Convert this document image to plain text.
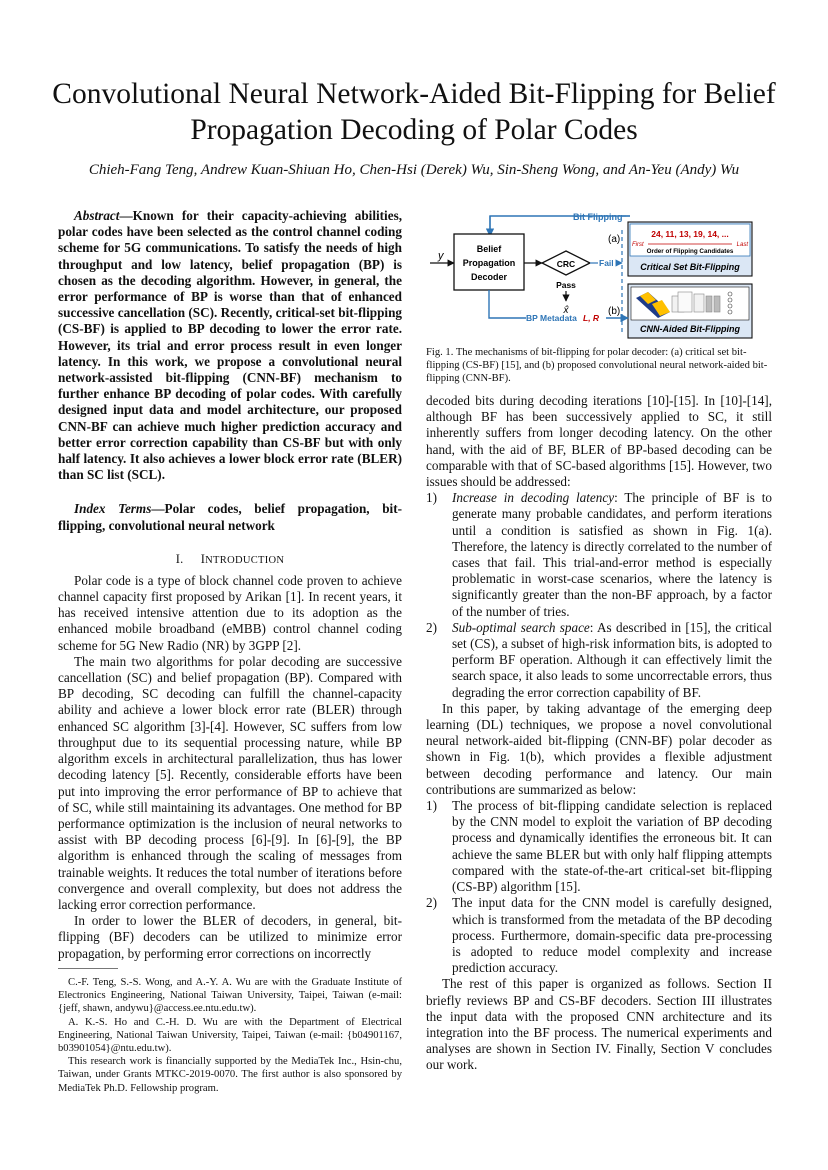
Convolutional Neural Network-Aided Bit-Flipping for Belief Propagation Decoding of Polar Codes
Chieh-Fang Teng, Andrew Kuan-Shiuan Ho, Chen-Hsi (Derek) Wu, Sin-Sheng Wong, and An-Yeu (Andy) Wu

Abstract—Known for their capacity-achieving abilities, polar codes have been selected as the control channel coding scheme for 5G communications. To satisfy the needs of high throughput and low latency, belief propagation (BP) is chosen as the decoding algorithm. However, in general, the error performance of BP is worse than that of enhanced successive cancellation (SC). Recently, critical-set bit-flipping (CS-BF) is applied to BP decoding to lower the error rate. However, its trial and error process result in even longer latency. In this work, we propose a convolutional neural network-assisted bit-flipping (CNN-BF) mechanism to further enhance BP decoding of polar codes. With carefully designed input data and model architecture, our proposed CNN-BF can achieve much higher prediction accuracy and better error correction capability than CS-BF but with only half latency. It also achieves a lower block error rate (BLER) than SC list (SCL).

Index Terms—Polar codes, belief propagation, bit-flipping, convolutional neural network

I. INTRODUCTION

Polar code is a type of block channel code proven to achieve channel capacity first proposed by Arikan [1]. In recent years, it has received intensive attention due to its adoption as the enhanced mobile broadband (eMBB) control channel coding scheme for 5G New Radio (NR) by 3GPP [2].

The main two algorithms for polar decoding are successive cancellation (SC) and belief propagation (BP). Compared with BP decoding, SC decoding can fulfill the channel-capacity ability and achieve a lower block error rate (BLER) through enhanced SC algorithm [3]-[4]. However, SC suffers from low throughput due to its sequential processing nature, while BP algorithm excels in architectural parallelization, thus has lower decoding latency [5]. Recently, considerable efforts have been put into improving the error performance of BP to achieve that of SC, while still maintaining its advantages. One method for BP performance optimization is the inclusion of neural networks to assist with BP decoding process [6]-[9]. In [6]-[9], the BP algorithm is enhanced through the scaling of messages from trainable weights. It reduces the total number of iterations before convergence and overall complexity, but does not address the lacking error correction performance.

In order to lower the BLER of decoders, in general, bit-flipping (BF) decoders can be utilized to minimize error propagation, by performing error corrections on incorrectly

C.-F. Teng, S.-S. Wong, and A.-Y. A. Wu are with the Graduate Institute of Electronics Engineering, National Taiwan University, Taipei, Taiwan (e-mail: {jeff, shawn, andywu}@access.ee.ntu.edu.tw).

A. K.-S. Ho and C.-H. D. Wu are with the Department of Electrical Engineering, National Taiwan University, Taipei, Taiwan (e-mail: {b04901167, b03901054}@ntu.edu.tw).

This research work is financially supported by the MediaTek Inc., Hsin-chu, Taiwan, under Grants MTKC-2019-0070. The first author is also sponsored by MediaTek Ph.D. Fellowship program.

Bit Flipping
y
Belief
Propagation
Decoder
CRC	Fail
Pass
x̂
(a)
(b)
24, 11, 13, 19, 14, ...
First	Last
Order of Flipping Candidates
Critical Set Bit-Flipping
CNN-Aided Bit-Flipping
BP Metadata L, R

Fig. 1. The mechanisms of bit-flipping for polar decoder: (a) critical set bit-flipping (CS-BF) [15], and (b) proposed convolutional neural network-aided bit-flipping (CNN-BF).

decoded bits during decoding iterations [10]-[15]. In [10]-[14], although BF has been successively applied to SC, it still inherently suffers from longer decoding latency. On the other hand, with the aid of BF, BLER of BP-based decoding can be comparable with that of SC-based algorithms [15]. However, two issues should be addressed:

1) Increase in decoding latency: The principle of BF is to generate many probable candidates, and perform iterations until a condition is satisfied as shown in Fig. 1(a). Therefore, the latency is directly correlated to the number of cases that fail. This trial-and-error method is especially problematic in worst-case scenarios, where the latency is significantly greater than the non-BF approach, by a factor of the number of tries.
2) Sub-optimal search space: As described in [15], the critical set (CS), a subset of high-risk information bits, is adopted to perform BF operation. Although it can effectively limit the search space, it also leads to some uncorrectable errors, thus degrading the error correction capability of BF.

In this paper, by taking advantage of the emerging deep learning (DL) techniques, we propose a novel convolutional neural network-aided bit-flipping (CNN-BF) polar decoder as shown in Fig. 1(b), which provides a flexible adjustment between decoding performance and latency. Our main contributions are summarized as below:

1) The process of bit-flipping candidate selection is replaced by the CNN model to exploit the variation of BP decoding process and dynamically identifies the erroneous bit. It can achieve the same BLER but with only half flipping attempts compared with the state-of-the-art critical-set bit-flipping (CS-BP) algorithm [15].
2) The input data for the CNN model is carefully designed, which is transformed from the metadata of the BP decoding process. Furthermore, domain-specific data pre-processing is adopted to reduce model complexity and increase prediction accuracy.

The rest of this paper is organized as follows. Section II briefly reviews BP and CS-BF decoders. Section III illustrates the input data with the proposed CNN architecture and its integration into the BF process. The numerical experiments and analyses are shown in Section IV. Finally, Section V concludes our work.
